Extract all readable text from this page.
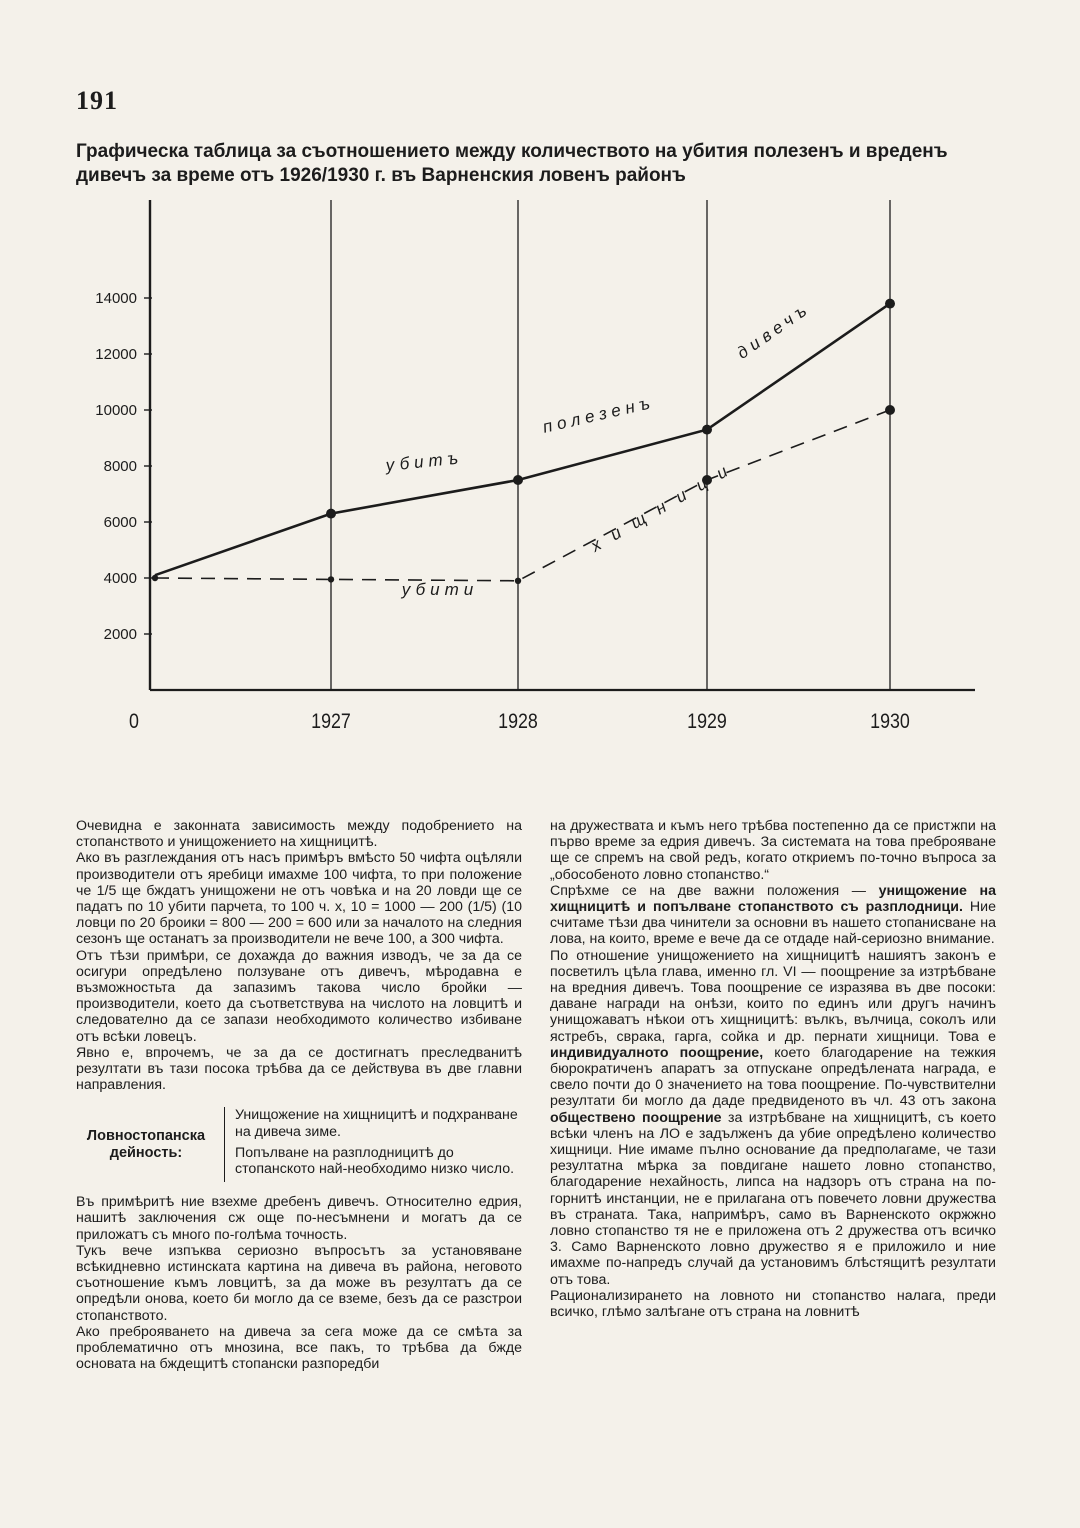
191

Графическа таблица за съотношението между количеството на убития полезенъ и вреденъ дивечъ за време отъ 1926/1930 г. въ Варненския ловенъ районъ

14000
12000
10000
8000
6000
4000
2000
0	1927	1928	1929	1930
убитъ
полезенъ
дивечъ
убити
хищници

Очевидна е законната зависимость между подобрението на стопанството и унищожението на хищницитѣ.

Ако въ разглеждания отъ насъ примѣръ вмѣсто 50 чифта оцѣляли производители отъ яребици имахме 100 чифта, то при положение че 1/5 ще бждатъ унищожени не отъ човѣка и на 20 ловди ще се падатъ по 10 убити парчета, то 100 ч. х, 10 = 1000 — 200 (1/5) (10 ловци по 20 броики = 800 — 200 = 600 или за началото на следния сезонъ ще останатъ за производители не вече 100, а 300 чифта.

Отъ тѣзи примѣри, се дохажда до важния изводъ, че за да се осигури опредѣлено ползуване отъ дивечъ, мѣродавна е възможностьта да запазимъ такова число бройки — производители, което да съответствува на числото на ловцитѣ и следователно да се запази необходимото количество избиване отъ всѣки ловецъ.

Явно е, впрочемъ, че за да се достигнатъ преследванитѣ резултати въ тази посока трѣбва да се действува въ две главни направления.

Ловностопанска дейность:

Унищожение на хищницитѣ и подхранване на дивеча зиме.

Попълване на разплодницитѣ до стопанското най-необходимо низко число.

Въ примѣритѣ ние взехме дребенъ дивечъ. Относително едрия, нашитѣ заключения сж още по-несъмнени и могатъ да се приложатъ съ много по-голѣма точность.

Тукъ вече изпъква сериозно въпросътъ за установяване всѣкидневно истинската картина на дивеча въ района, неговото съотношение къмъ ловцитѣ, за да може въ резултатъ да се опредѣли онова, което би могло да се вземе, безъ да се разстрои стопанството.

Ако преброяването на дивеча за сега може да се смѣта за проблематично отъ мнозина, все пакъ, то трѣбва да бжде основата на бждещитѣ стопански разпоредби

на дружествата и къмъ него трѣбва постепенно да се пристжпи на първо време за едрия дивечъ. За системата на това преброяване ще се спремъ на свой редъ, когато откриемъ по-точно въпроса за „обособеното ловно стопанство.“

Спрѣхме се на две важни положения — унищожение на хищницитѣ и попълване стопанството съ разплодници. Ние считаме тѣзи два чинители за основни въ нашето стопанисване на лова, на които, време е вече да се отдаде най-сериозно внимание.

По отношение унищожението на хищницитѣ нашиятъ законъ е посветилъ цѣла глава, именно гл. VI — поощрение за изтрѣбване на вредния дивечъ. Това поощрение се изразява въ две посоки: даване награди на онѣзи, които по единъ или другъ начинъ унищожаватъ нѣкои отъ хищницитѣ: вълкъ, вълчица, соколъ или ястребъ, сврака, гарга, сойка и др. пернати хищници. Това е индивидуалното поощрение, което благодарение на тежкия бюрократиченъ апаратъ за отпускане опредѣлената награда, е свело почти до 0 значението на това поощрение. По-чувствителни резултати би могло да даде предвиденото въ чл. 43 отъ закона обществено поощрение за изтрѣбване на хищницитѣ, съ което всѣки членъ на ЛО е задълженъ да убие опредѣлено количество хищници. Ние имаме пълно основание да предполагаме, че тази резултатна мѣрка за повдигане нашето ловно стопанство, благодарение нехайность, липса на надзоръ отъ страна на по-горнитѣ инстанции, не е прилагана отъ повечето ловни дружества въ страната. Така, напримѣръ, само въ Варненското окржжно ловно стопанство тя не е приложена отъ 2 дружества отъ всичко 3. Само Варненското ловно дружество я е приложило и ние имахме по-напредъ случай да установимъ блѣстящитѣ резултати отъ това.

Рационализирането на ловното ни стопанство налага, преди всичко, глѣмо залѣгане отъ страна на ловнитѣ
